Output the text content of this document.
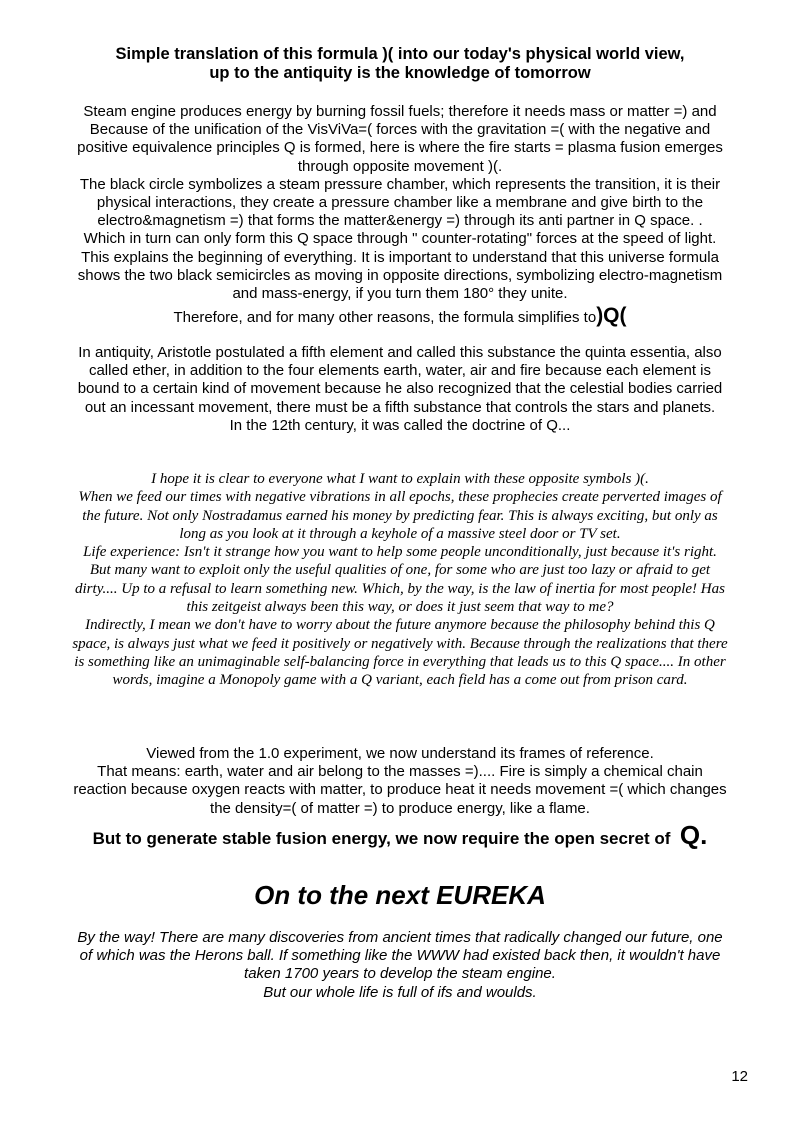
Simple translation of this formula )( into our today's physical world view,
up to the antiquity is the knowledge of tomorrow
Steam engine produces energy by burning fossil fuels; therefore it needs mass or matter =) and
Because of the unification of the VisViVa=( forces with the gravitation =( with the negative and
positive equivalence principles Q is formed, here is where the fire starts = plasma fusion emerges
through opposite movement )(.
The black circle symbolizes a steam pressure chamber, which represents the transition, it is their
physical interactions, they create a pressure chamber like a membrane and give birth to the
electro&magnetism =) that forms the matter&energy =) through its anti partner in Q space. .
Which in turn can only form this Q space through " counter-rotating" forces at the speed of light.
This explains the beginning of everything. It is important to understand that this universe formula
shows the two black semicircles as moving in opposite directions, symbolizing electro-magnetism
and mass-energy, if you turn them 180° they unite.
Therefore, and for many other reasons, the formula simplifies to)Q(
In antiquity, Aristotle postulated a fifth element and called this substance the quinta essentia, also
called ether, in addition to the four elements earth, water, air and fire because each element is
bound to a certain kind of movement because he also recognized that the celestial bodies carried
out an incessant movement, there must be a fifth substance that controls the stars and planets.
In the 12th century, it was called the doctrine of Q...
I hope it is clear to everyone what I want to explain with these opposite symbols )(.
When we feed our times with negative vibrations in all epochs, these prophecies create perverted images of
the future. Not only Nostradamus earned his money by predicting fear. This is always exciting, but only as
long as you look at it through a keyhole of a massive steel door or TV set.
Life experience: Isn't it strange how you want to help some people unconditionally, just because it's right.
But many want to exploit only the useful qualities of one, for some who are just too lazy or afraid to get
dirty.... Up to a refusal to learn something new. Which, by the way, is the law of inertia for most people! Has
this zeitgeist always been this way, or does it just seem that way to me?
Indirectly, I mean we don't have to worry about the future anymore because the philosophy behind this Q
space, is always just what we feed it positively or negatively with. Because through the realizations that there
is something like an unimaginable self-balancing force in everything that leads us to this Q space.... In other
words, imagine a Monopoly game with a Q variant, each field has a come out from prison card.
Viewed from the 1.0 experiment, we now understand its frames of reference.
That means: earth, water and air belong to the masses =).... Fire is simply a chemical chain
reaction because oxygen reacts with matter, to produce heat it needs movement =( which changes
the density=( of matter =) to produce energy, like a flame.
But to generate stable fusion energy, we now require the open secret of Q.
On to the next EUREKA
By the way! There are many discoveries from ancient times that radically changed our future, one
of which was the Herons ball. If something like the WWW had existed back then, it wouldn't have
taken 1700 years to develop the steam engine.
But our whole life is full of ifs and woulds.
12
